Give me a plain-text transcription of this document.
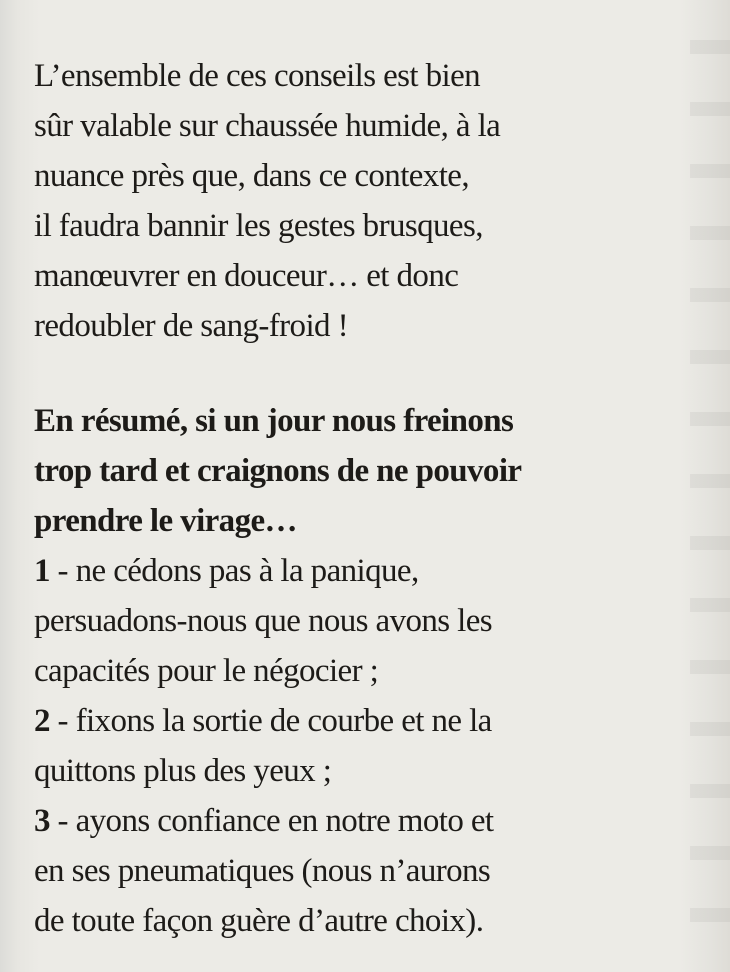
L’ensemble de ces conseils est bien
sûr valable sur chaussée humide, à la
nuance près que, dans ce contexte,
il faudra bannir les gestes brusques,
manœuvrer en douceur… et donc
redoubler de sang-froid !
En résumé, si un jour nous freinons
trop tard et craignons de ne pouvoir
prendre le virage…
1 - ne cédons pas à la panique,
persuadons-nous que nous avons les
capacités pour le négocier ;
2 - fixons la sortie de courbe et ne la
quittons plus des yeux ;
3 - ayons confiance en notre moto et
en ses pneumatiques (nous n’aurons
de toute façon guère d’autre choix).
